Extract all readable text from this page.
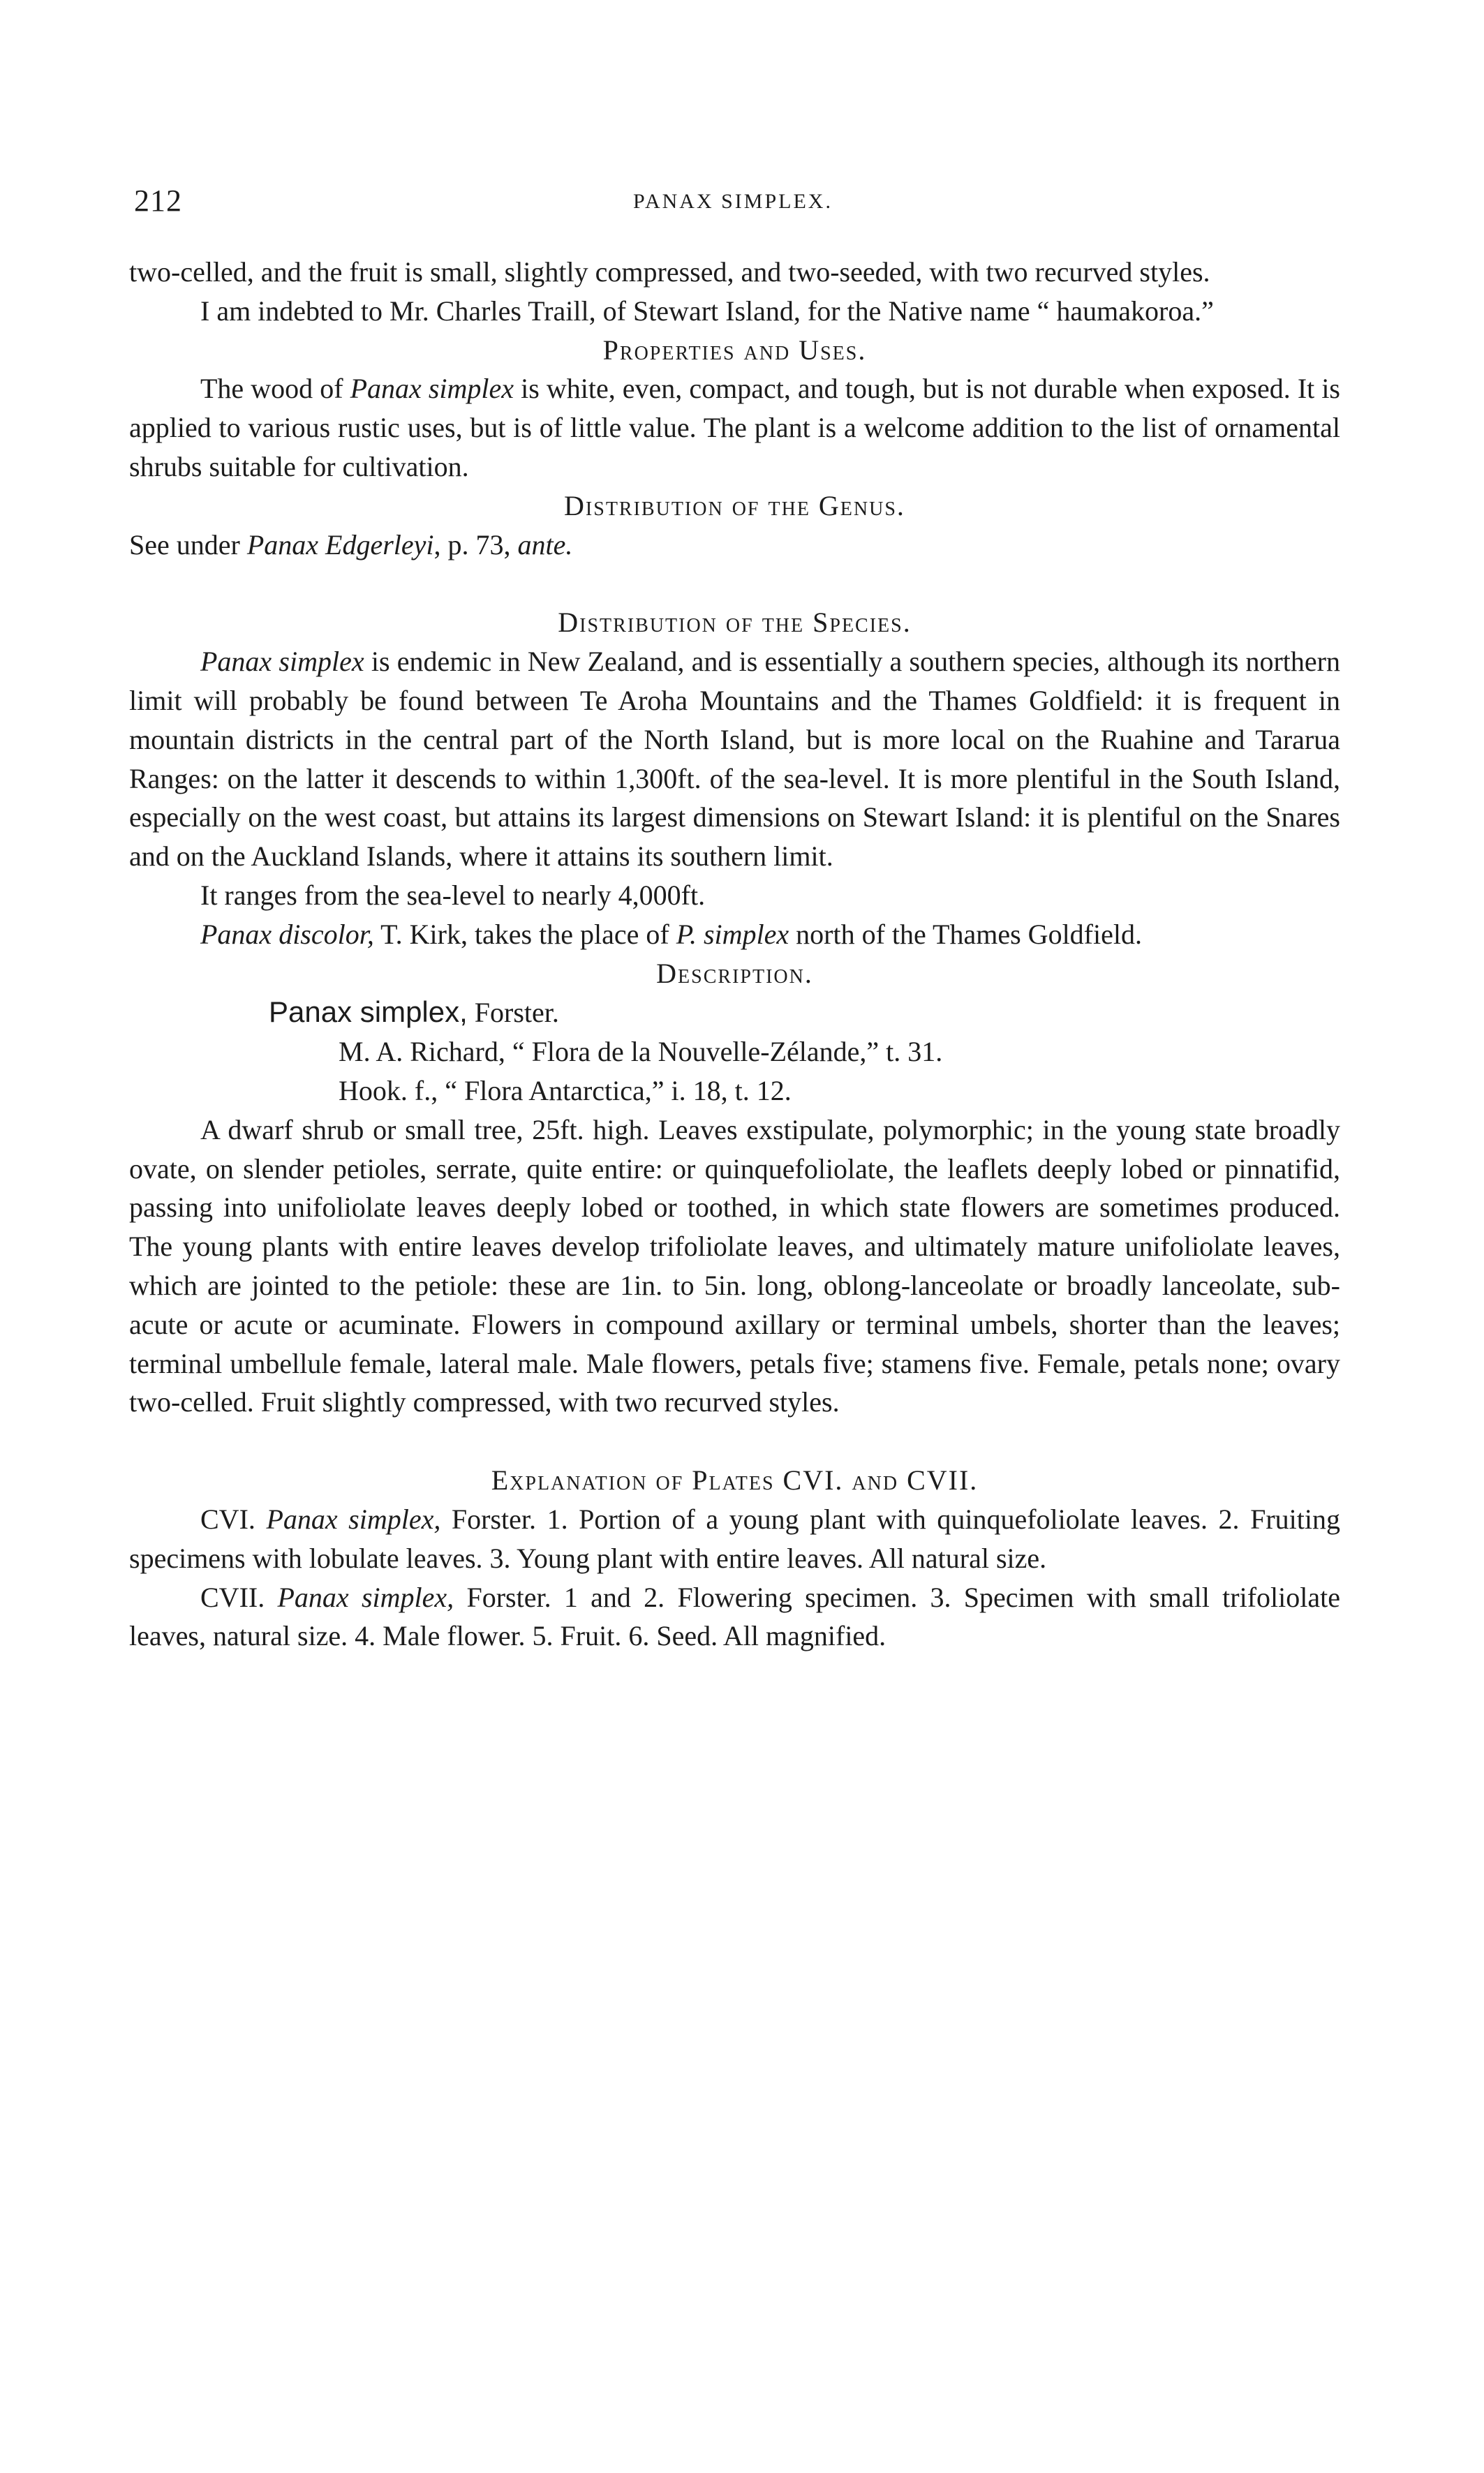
212	PANAX SIMPLEX.

two-celled, and the fruit is small, slightly compressed, and two-seeded, with two recurved styles.

I am indebted to Mr. Charles Traill, of Stewart Island, for the Native name “ haumakoroa.”

Properties and Uses.

The wood of Panax simplex is white, even, compact, and tough, but is not durable when exposed. It is applied to various rustic uses, but is of little value. The plant is a welcome addition to the list of ornamental shrubs suitable for cultivation.

Distribution of the Genus.

See under Panax Edgerleyi, p. 73, ante.

Distribution of the Species.

Panax simplex is endemic in New Zealand, and is essentially a southern species, although its northern limit will probably be found between Te Aroha Mountains and the Thames Goldfield: it is frequent in mountain districts in the central part of the North Island, but is more local on the Ruahine and Tararua Ranges: on the latter it descends to within 1,300ft. of the sea-level. It is more plentiful in the South Island, especially on the west coast, but attains its largest dimensions on Stewart Island: it is plentiful on the Snares and on the Auckland Islands, where it attains its southern limit.

It ranges from the sea-level to nearly 4,000ft.

Panax discolor, T. Kirk, takes the place of P. simplex north of the Thames Goldfield.

Description.

Panax simplex, Forster.

M. A. Richard, “ Flora de la Nouvelle-Zélande,” t. 31.

Hook. f., “ Flora Antarctica,” i. 18, t. 12.

A dwarf shrub or small tree, 25ft. high. Leaves exstipulate, polymorphic; in the young state broadly ovate, on slender petioles, serrate, quite entire: or quinquefoliolate, the leaflets deeply lobed or pinnatifid, passing into unifoliolate leaves deeply lobed or toothed, in which state flowers are sometimes produced. The young plants with entire leaves develop trifoliolate leaves, and ultimately mature unifoliolate leaves, which are jointed to the petiole: these are 1in. to 5in. long, oblong-lanceolate or broadly lanceolate, sub-acute or acute or acuminate. Flowers in compound axillary or terminal umbels, shorter than the leaves; terminal umbellule female, lateral male. Male flowers, petals five; stamens five. Female, petals none; ovary two-celled. Fruit slightly compressed, with two recurved styles.

Explanation of Plates CVI. and CVII.

CVI. Panax simplex, Forster. 1. Portion of a young plant with quinquefoliolate leaves. 2. Fruiting specimens with lobulate leaves. 3. Young plant with entire leaves. All natural size.

CVII. Panax simplex, Forster. 1 and 2. Flowering specimen. 3. Specimen with small trifoliolate leaves, natural size. 4. Male flower. 5. Fruit. 6. Seed. All magnified.
